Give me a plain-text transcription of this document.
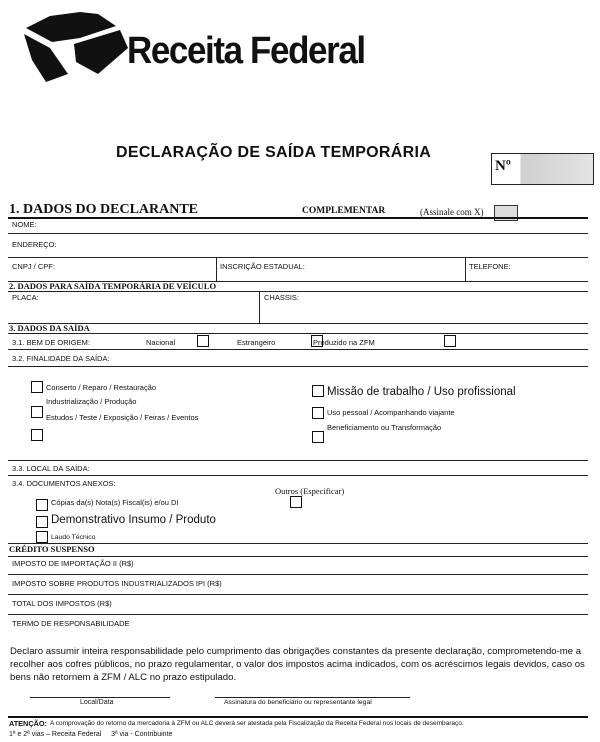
Receita Federal
DECLARAÇÃO DE SAÍDA TEMPORÁRIA
Nº
1. DADOS DO DECLARANTE	COMPLEMENTAR	(Assinale com X)
NOME:
ENDEREÇO:
CNPJ / CPF:	INSCRIÇÃO ESTADUAL:	TELEFONE:
2. DADOS PARA SAÍDA TEMPORÁRIA DE VEÍCULO
PLACA:	CHASSIS:
3. DADOS DA SAÍDA
3.1. BEM DE ORIGEM:	Nacional	Estrangeiro	Produzido na ZFM
3.2. FINALIDADE DA SAÍDA:
Conserto / Reparo / Restauração
Industrialização / Produção
Estudos / Teste / Exposição / Feiras / Eventos
Missão de trabalho / Uso profissional
Uso pessoal / Acompanhando viajante
Beneficiamento ou Transformação
3.3. LOCAL DA SAÍDA:
3.4. DOCUMENTOS ANEXOS:
Outros (Especificar)
Cópias da(s) Nota(s) Fiscal(is) e/ou DI
Demonstrativo Insumo / Produto
Laudo Técnico
CRÉDITO SUSPENSO
IMPOSTO DE IMPORTAÇÃO II (R$)
IMPOSTO SOBRE PRODUTOS INDUSTRIALIZADOS IPI (R$)
TOTAL DOS IMPOSTOS (R$)
TERMO DE RESPONSABILIDADE
Declaro assumir inteira responsabilidade pelo cumprimento das obrigações constantes da presente declaração, comprometendo-me a recolher aos cofres públicos, no prazo regulamentar, o valor dos impostos acima indicados, com os acréscimos legais devidos, caso os bens não retornem à ZFM / ALC no prazo estipulado.
Local/Data	Assinatura do beneficiário ou representante legal
ATENÇÃO: A comprovação do retorno da mercadoria à ZFM ou ALC deverá ser atestada pela Fiscalização da Receita Federal nos locais de desembaraço.
1ª e 2ª vias – Receita Federal     3ª via - Contribuinte
